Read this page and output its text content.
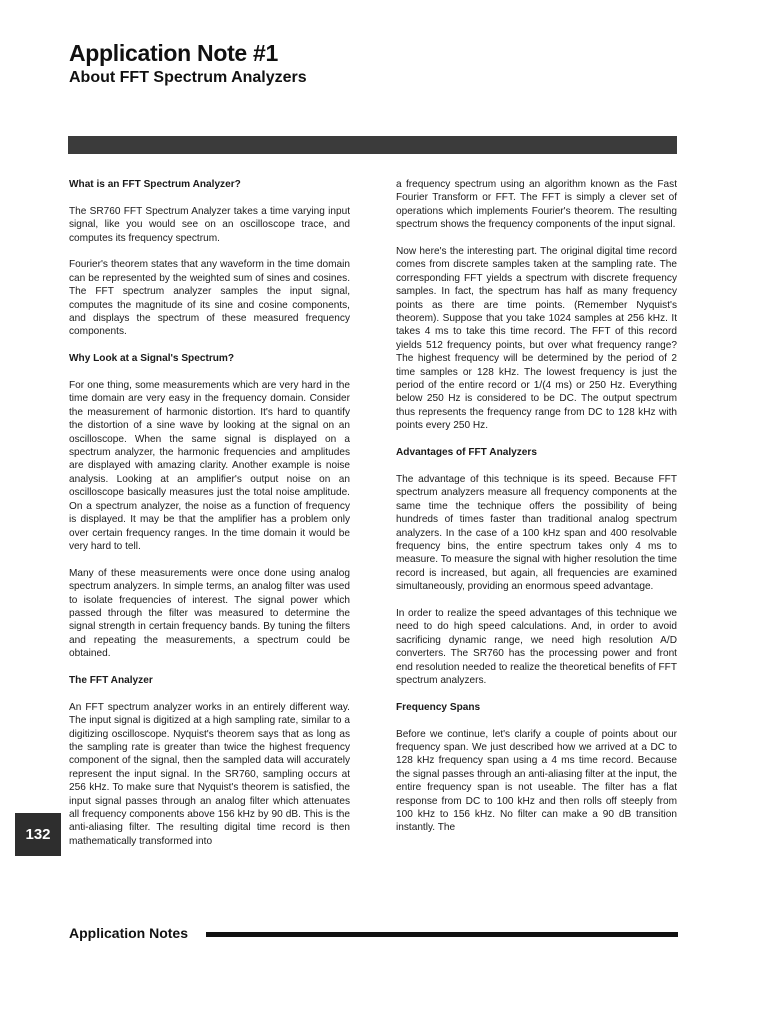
Application Note #1
About FFT Spectrum Analyzers
What is an FFT Spectrum Analyzer?

The SR760 FFT Spectrum Analyzer takes a time varying input signal, like you would see on an oscilloscope trace, and computes its frequency spectrum.

Fourier's theorem states that any waveform in the time domain can be represented by the weighted sum of sines and cosines. The FFT spectrum analyzer samples the input signal, computes the magnitude of its sine and cosine components, and displays the spectrum of these measured frequency components.

Why Look at a Signal's Spectrum?

For one thing, some measurements which are very hard in the time domain are very easy in the frequency domain. Consider the measurement of harmonic distortion. It's hard to quantify the distortion of a sine wave by looking at the signal on an oscilloscope. When the same signal is displayed on a spectrum analyzer, the harmonic frequencies and amplitudes are displayed with amazing clarity. Another example is noise analysis. Looking at an amplifier's output noise on an oscilloscope basically measures just the total noise amplitude. On a spectrum analyzer, the noise as a function of frequency is displayed. It may be that the amplifier has a problem only over certain frequency ranges. In the time domain it would be very hard to tell.

Many of these measurements were once done using analog spectrum analyzers. In simple terms, an analog filter was used to isolate frequencies of interest. The signal power which passed through the filter was measured to determine the signal strength in certain frequency bands. By tuning the filters and repeating the measurements, a spectrum could be obtained.

The FFT Analyzer

An FFT spectrum analyzer works in an entirely different way. The input signal is digitized at a high sampling rate, similar to a digitizing oscilloscope. Nyquist's theorem says that as long as the sampling rate is greater than twice the highest frequency component of the signal, then the sampled data will accurately represent the input signal. In the SR760, sampling occurs at 256 kHz. To make sure that Nyquist's theorem is satisfied, the input signal passes through an analog filter which attenuates all frequency components above 156 kHz by 90 dB. This is the anti-aliasing filter. The resulting digital time record is then mathematically transformed into

a frequency spectrum using an algorithm known as the Fast Fourier Transform or FFT. The FFT is simply a clever set of operations which implements Fourier's theorem. The resulting spectrum shows the frequency components of the input signal.

Now here's the interesting part. The original digital time record comes from discrete samples taken at the sampling rate. The corresponding FFT yields a spectrum with discrete frequency samples. In fact, the spectrum has half as many frequency points as there are time points. (Remember Nyquist's theorem). Suppose that you take 1024 samples at 256 kHz. It takes 4 ms to take this time record. The FFT of this record yields 512 frequency points, but over what frequency range? The highest frequency will be determined by the period of 2 time samples or 128 kHz. The lowest frequency is just the period of the entire record or 1/(4 ms) or 250 Hz. Everything below 250 Hz is considered to be DC. The output spectrum thus represents the frequency range from DC to 128 kHz with points every 250 Hz.

Advantages of FFT Analyzers

The advantage of this technique is its speed. Because FFT spectrum analyzers measure all frequency components at the same time the technique offers the possibility of being hundreds of times faster than traditional analog spectrum analyzers. In the case of a 100 kHz span and 400 resolvable frequency bins, the entire spectrum takes only 4 ms to measure. To measure the signal with higher resolution the time record is increased, but again, all frequencies are examined simultaneously, providing an enormous speed advantage.

In order to realize the speed advantages of this technique we need to do high speed calculations. And, in order to avoid sacrificing dynamic range, we need high resolution A/D converters. The SR760 has the processing power and front end resolution needed to realize the theoretical benefits of FFT spectrum analyzers.

Frequency Spans

Before we continue, let's clarify a couple of points about our frequency span. We just described how we arrived at a DC to 128 kHz frequency span using a 4 ms time record. Because the signal passes through an anti-aliasing filter at the input, the entire frequency span is not useable. The filter has a flat response from DC to 100 kHz and then rolls off steeply from 100 kHz to 156 kHz. No filter can make a 90 dB transition instantly. The

132
Application Notes
